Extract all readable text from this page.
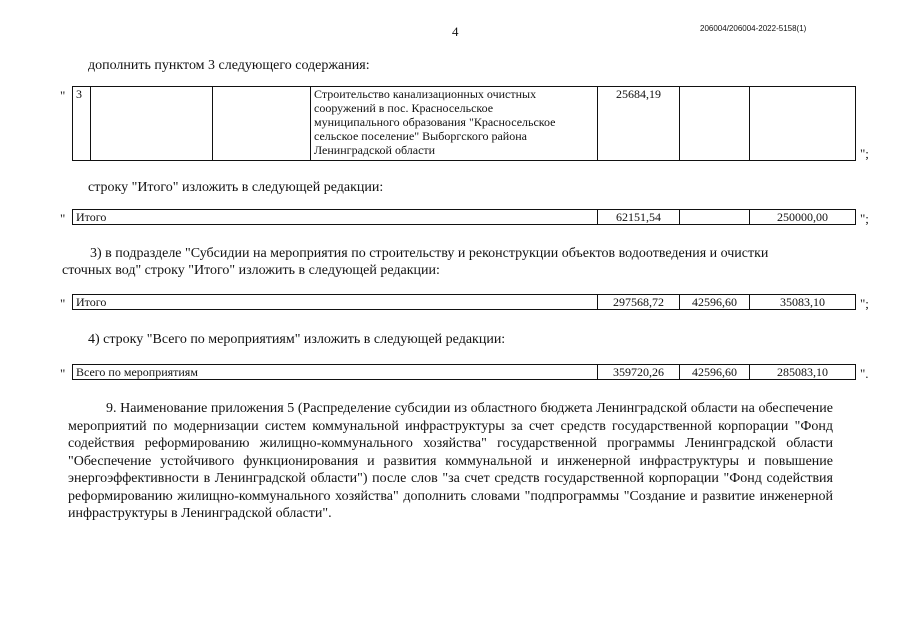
4	206004/206004-2022-5158(1)
дополнить пунктом 3 следующего содержания:
" 3			Строительство канализационных очистных
сооружений в пос. Красносельское
муниципального образования "Красносельское
сельское поселение" Выборгского района
Ленинградской области
	25684,19		
";
строку "Итого" изложить в следующей редакции:
" Итого	62151,54		250000,00 ";
3) в подразделе "Субсидии на мероприятия по строительству и реконструкции объектов водоотведения и очистки
сточных вод" строку "Итого" изложить в следующей редакции:
" Итого	297568,72	42596,60	35083,10	";
4) строку "Всего по мероприятиям" изложить в следующей редакции:
" Всего по мероприятиям	359720,26	42596,60	285083,10 ".
9. Наименование приложения 5 (Распределение субсидии из областного бюджета Ленинградской области на обеспечение мероприятий по модернизации систем коммунальной инфраструктуры за счет средств государственной корпорации "Фонд содействия реформированию жилищно-коммунального хозяйства" государственной программы Ленинградской области "Обеспечение устойчивого функционирования и развития коммунальной и инженерной инфраструктуры и повышение энергоэффективности в Ленинградской области") после слов "за счет средств государственной корпорации "Фонд содействия реформированию жилищно-коммунального хозяйства" дополнить словами "подпрограммы "Создание и развитие инженерной инфраструктуры в Ленинградской области".
